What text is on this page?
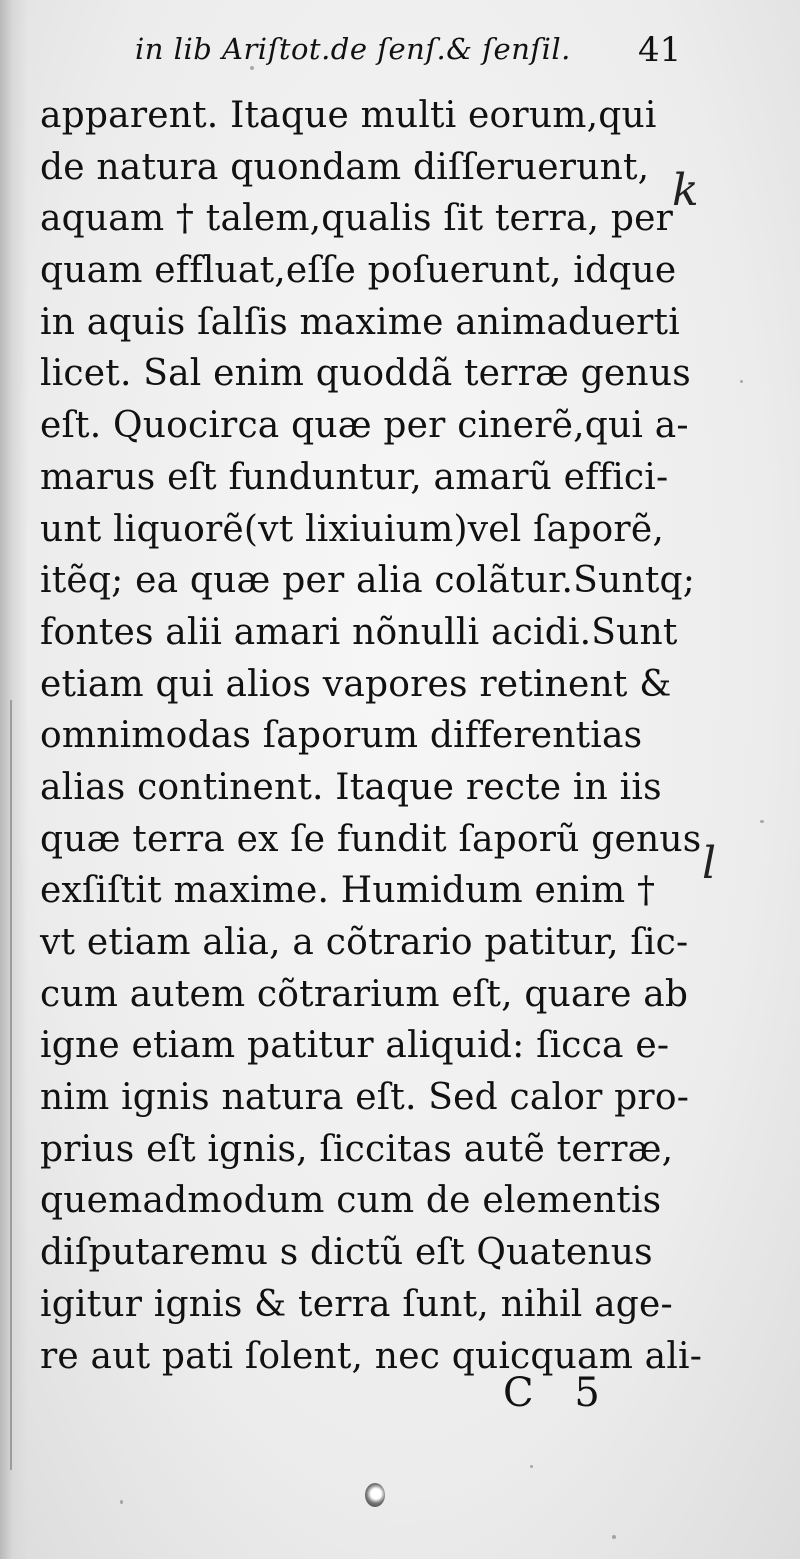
in lib Ariſtot.de ſenſ.& ſenſil. 41
apparent. Itaque multi eorum,qui
de natura quondam diſſeruerunt,
aquam † talem,qualis ſit terra, per
quam effluat,eſſe poſuerunt, idque
in aquis ſalſis maxime animaduerti
licet. Sal enim quoddã terræ genus
eſt. Quocirca quæ per cinerẽ,qui a-
marus eſt funduntur, amarũ effici-
unt liquorẽ(vt lixiuium)vel ſaporẽ,
itẽq; ea quæ per alia colãtur.Suntq;
fontes alii amari nõnulli acidi.Sunt
etiam qui alios vapores retinent &
omnimodas ſaporum differentias
alias continent. Itaque recte in iis
quæ terra ex ſe fundit ſaporũ genus
exſiſtit maxime. Humidum enim †
vt etiam alia, a cõtrario patitur, ſic-
cum autem cõtrarium eſt, quare ab
igne etiam patitur aliquid: ſicca e-
nim ignis natura eſt. Sed calor pro-
prius eſt ignis, ſiccitas autẽ terræ,
quemadmodum cum de elementis
diſputaremu s dictũ eſt Quatenus
igitur ignis & terra ſunt, nihil age-
re aut pati ſolent, nec quicquam ali-
k
l
C 5
